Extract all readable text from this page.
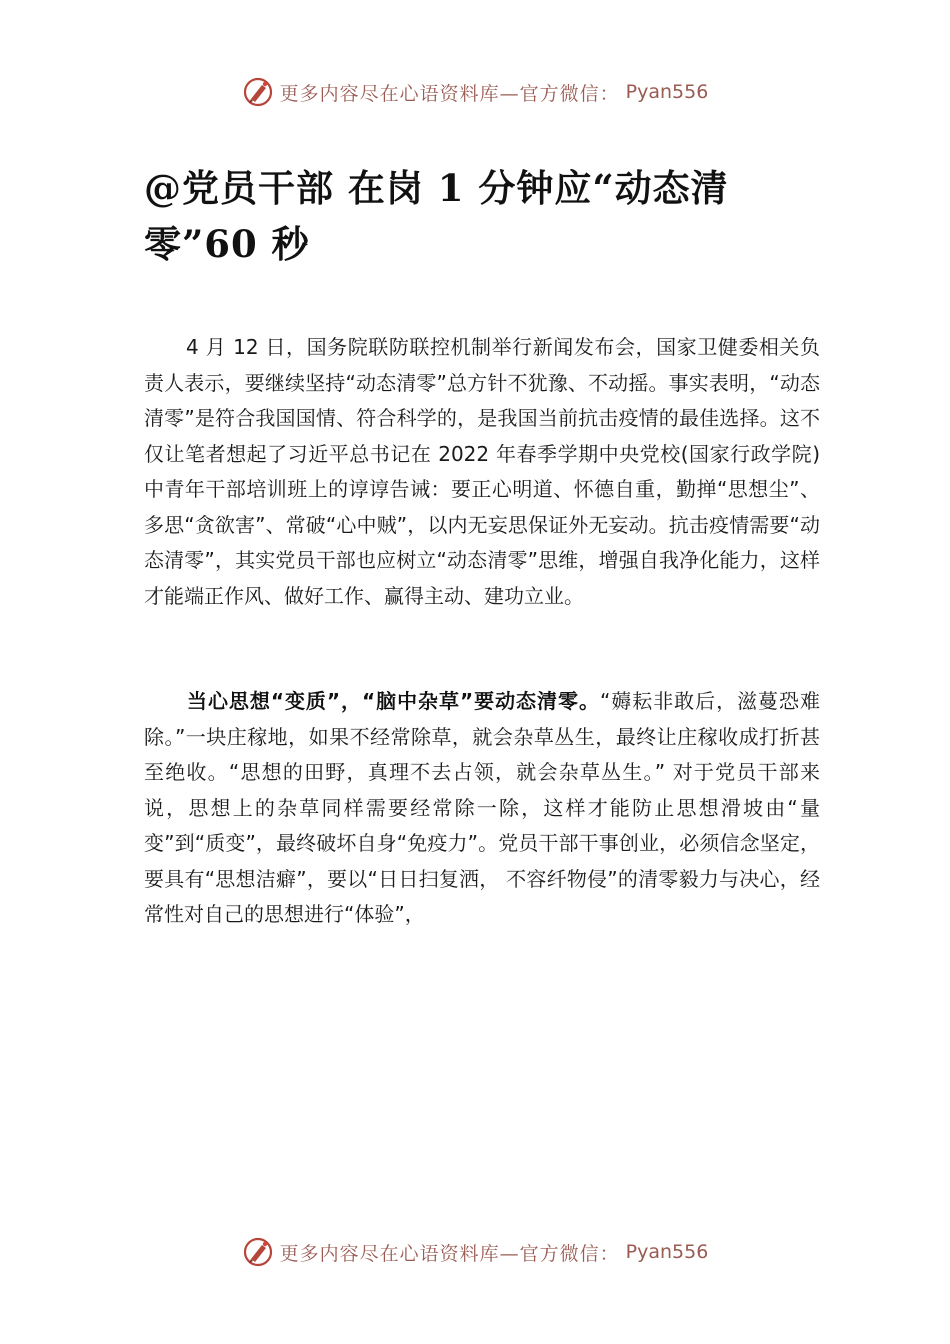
更多内容尽在心语资料库—官方微信： Pyan556
@党员干部 在岗 1 分钟应“动态清零”60 秒

4 月 12 日，国务院联防联控机制举行新闻发布会，国家卫健委相关负责人表示，要继续坚持“动态清零”总方针不犹豫、不动摇。事实表明，“动态清零”是符合我国国情、符合科学的，是我国当前抗击疫情的最佳选择。这不仅让笔者想起了习近平总书记在 2022 年春季学期中央党校(国家行政学院)中青年干部培训班上的谆谆告诫：要正心明道、怀德自重，勤掸“思想尘”、多思“贪欲害”、常破“心中贼”，以内无妄思保证外无妄动。抗击疫情需要“动态清零”，其实党员干部也应树立“动态清零”思维，增强自我净化能力，这样才能端正作风、做好工作、赢得主动、建功立业。

当心思想“变质”，“脑中杂草”要动态清零。“薅耘非敢后，滋蔓恐难除。”一块庄稼地，如果不经常除草，就会杂草丛生，最终让庄稼收成打折甚至绝收。“思想的田野，真理不去占领，就会杂草丛生。” 对于党员干部来说，思想上的杂草同样需要经常除一除，这样才能防止思想滑坡由“量变”到“质变”，最终破坏自身“免疫力”。党员干部干事创业，必须信念坚定，要具有“思想洁癖”，要以“日日扫复洒， 不容纤物侵”的清零毅力与决心，经常性对自己的思想进行“体验”，

更多内容尽在心语资料库—官方微信： Pyan556
